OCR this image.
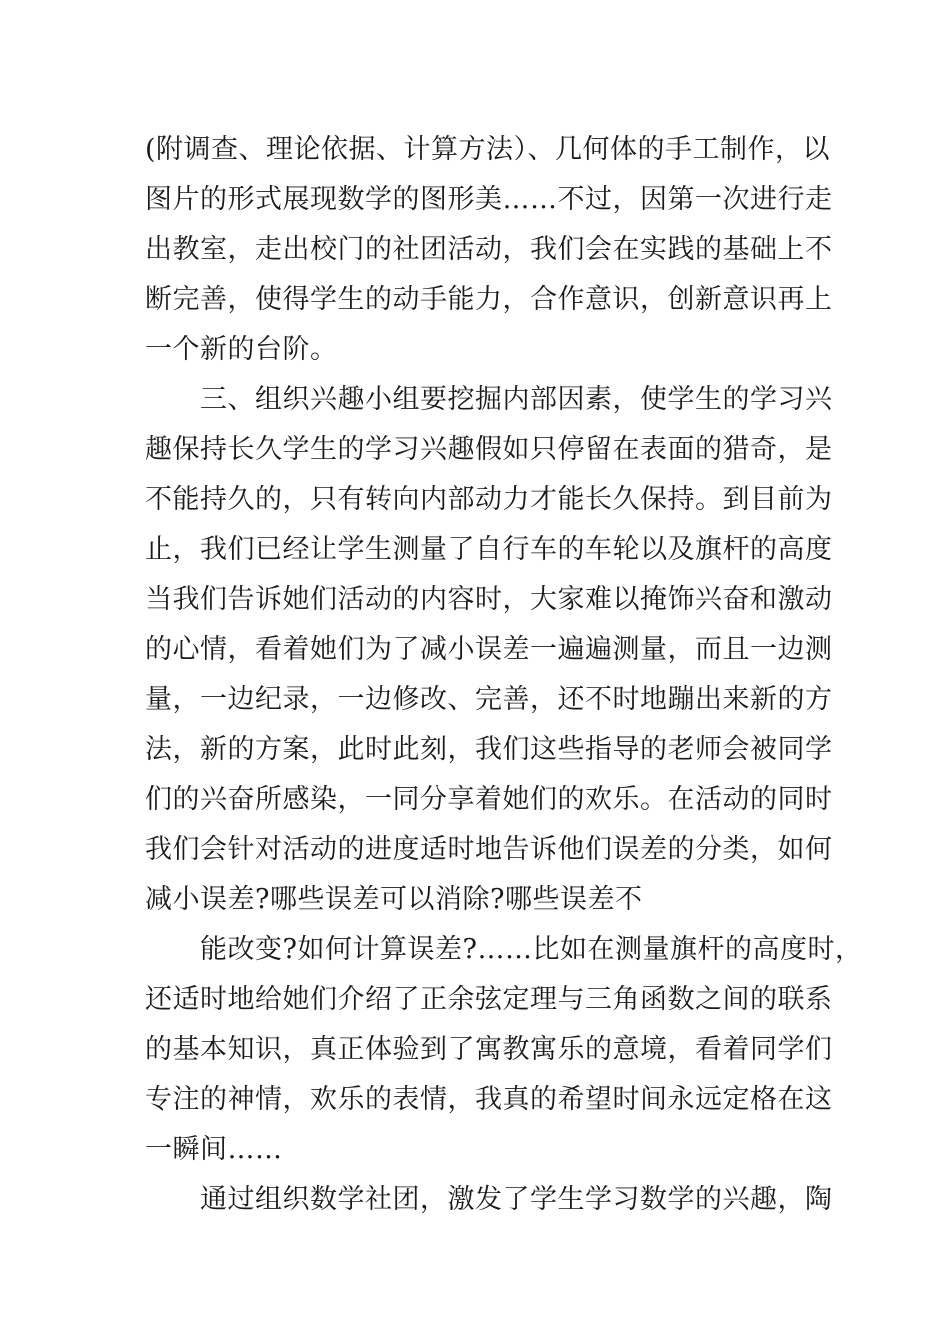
(附调查、理论依据、计算方法）、几何体的手工制作，以
图片的形式展现数学的图形美……不过，因第一次进行走
出教室，走出校门的社团活动，我们会在实践的基础上不
断完善，使得学生的动手能力，合作意识，创新意识再上
一个新的台阶。
三、组织兴趣小组要挖掘内部因素，使学生的学习兴
趣保持长久学生的学习兴趣假如只停留在表面的猎奇，是
不能持久的，只有转向内部动力才能长久保持。到目前为
止，我们已经让学生测量了自行车的车轮以及旗杆的高度
当我们告诉她们活动的内容时，大家难以掩饰兴奋和激动
的心情，看着她们为了减小误差一遍遍测量，而且一边测
量，一边纪录，一边修改、完善，还不时地蹦出来新的方
法，新的方案，此时此刻，我们这些指导的老师会被同学
们的兴奋所感染，一同分享着她们的欢乐。在活动的同时
我们会针对活动的进度适时地告诉他们误差的分类，如何
减小误差?哪些误差可以消除?哪些误差不
能改变?如何计算误差?……比如在测量旗杆的高度时，
还适时地给她们介绍了正余弦定理与三角函数之间的联系
的基本知识，真正体验到了寓教寓乐的意境，看着同学们
专注的神情，欢乐的表情，我真的希望时间永远定格在这
一瞬间……
通过组织数学社团，激发了学生学习数学的兴趣，陶
